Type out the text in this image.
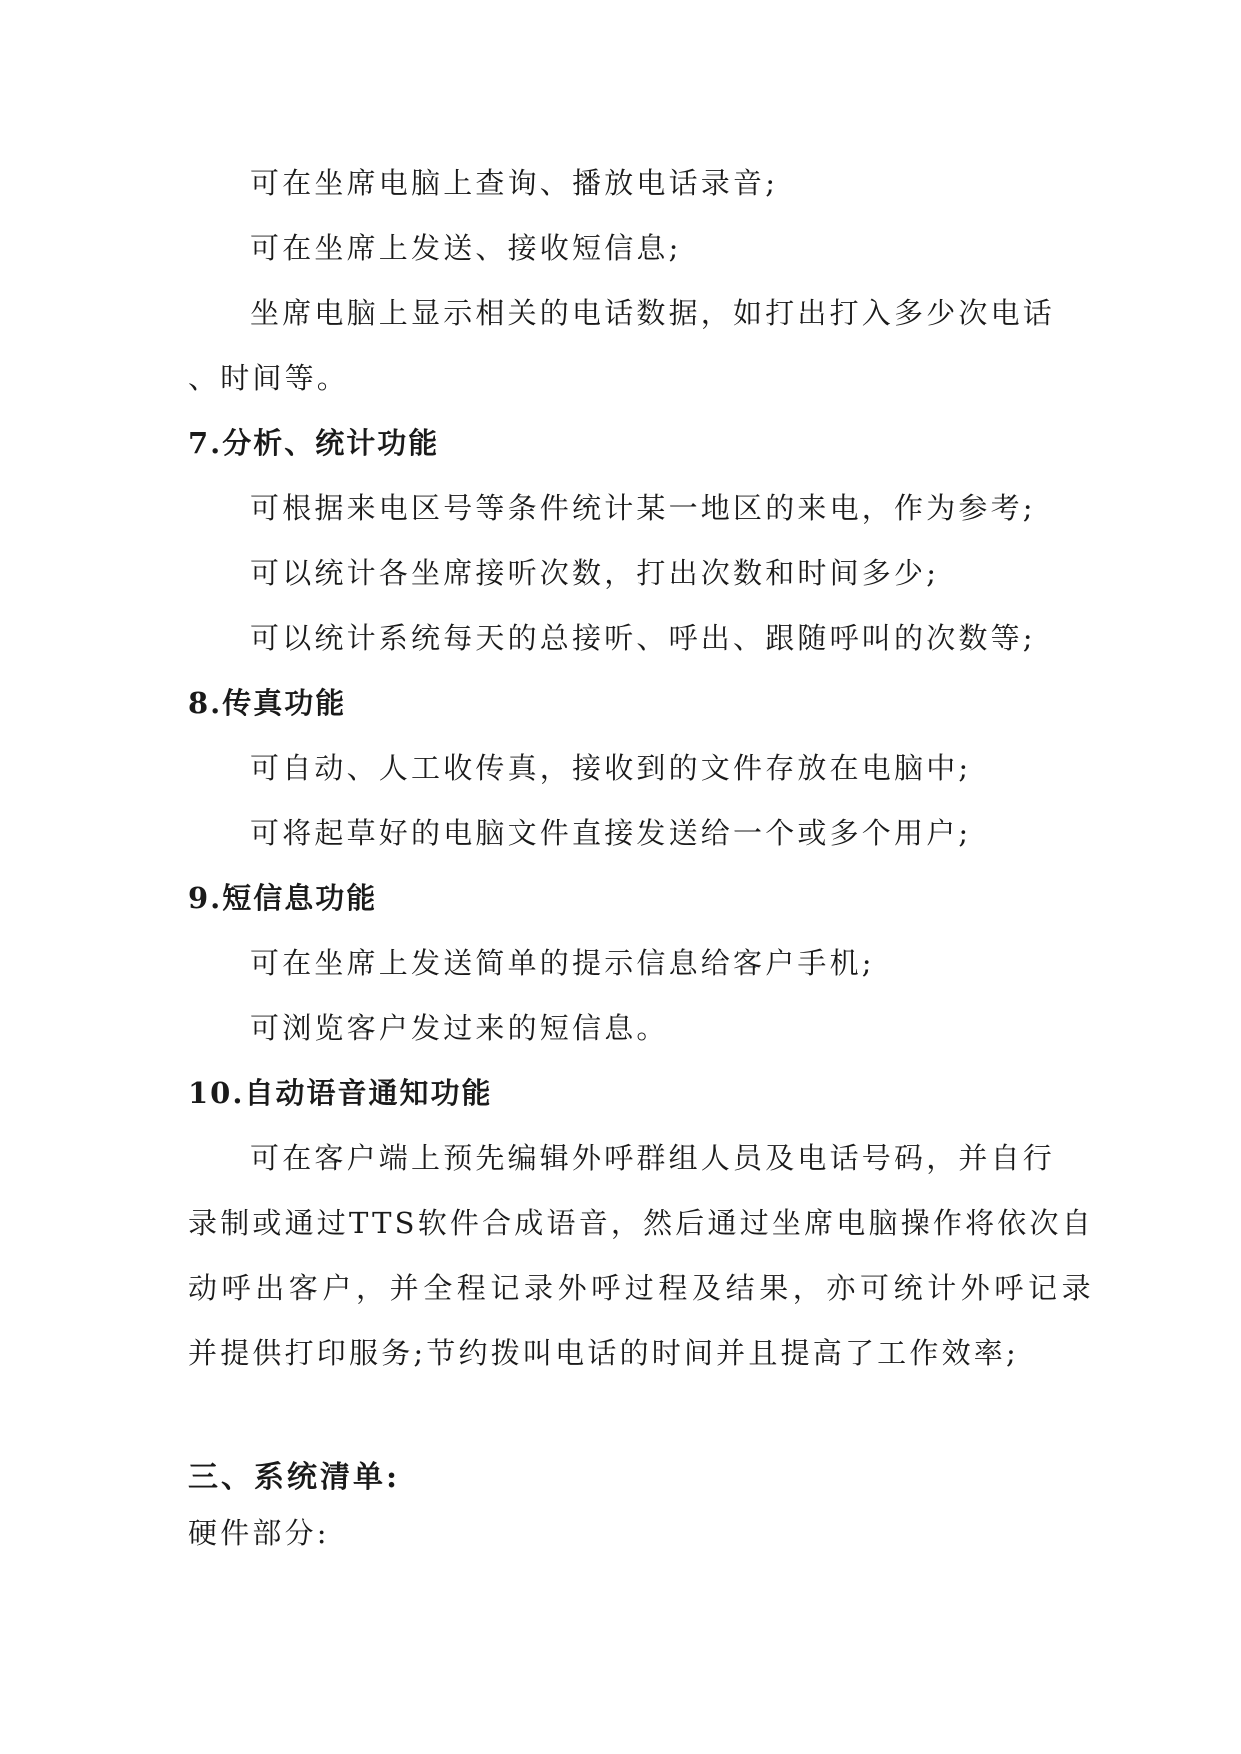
可在坐席电脑上查询、播放电话录音;
可在坐席上发送、接收短信息;
坐席电脑上显示相关的电话数据，如打出打入多少次电话
、时间等。
7.分析、统计功能
可根据来电区号等条件统计某一地区的来电，作为参考;
可以统计各坐席接听次数，打出次数和时间多少;
可以统计系统每天的总接听、呼出、跟随呼叫的次数等;
8.传真功能
可自动、人工收传真，接收到的文件存放在电脑中;
可将起草好的电脑文件直接发送给一个或多个用户;
9.短信息功能
可在坐席上发送简单的提示信息给客户手机;
可浏览客户发过来的短信息。
10.自动语音通知功能
可在客户端上预先编辑外呼群组人员及电话号码，并自行
录制或通过TTS软件合成语音，然后通过坐席电脑操作将依次自
动呼出客户，并全程记录外呼过程及结果，亦可统计外呼记录
并提供打印服务;节约拨叫电话的时间并且提高了工作效率;
三、系统清单:
硬件部分:
